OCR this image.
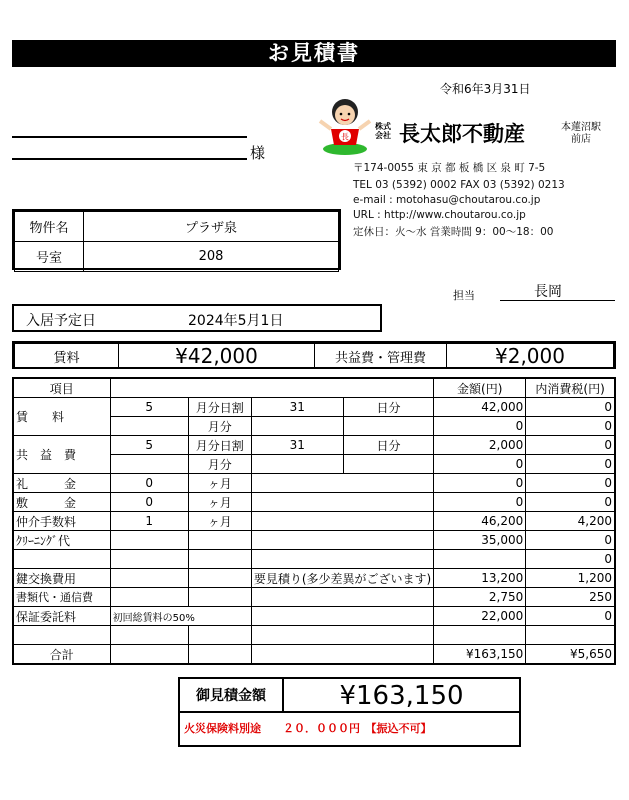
お見積書
令和6年3月31日
様
長
株式
会社 長太郎不動産	本蓮沼駅
前店
〒174-0055 東 京 都 板 橋 区 泉 町 7-5
TEL 03 (5392) 0002 FAX 03 (5392) 0213
e-mail : motohasu@choutarou.co.jp
URL : http://www.choutarou.co.jp
定休日：火～水 営業時間 9：00～18：00
物件名	プラザ泉
号室	208
担当	長岡
入居予定日	2024年5月1日
賃料	¥42,000	共益費・管理費	¥2,000
項目					金額(円)	内消費税(円)
賃　　料	5	月分日割	31	日分	42,000	0
		月分			0	0
共　益　費	5	月分日割	31	日分	2,000	0
		月分			0	0
礼　　　金	0	ヶ月			0	0
敷　　　金	0	ヶ月			0	0
仲介手数料	1	ヶ月			46,200	4,200
ｸﾘｰﾆﾝｸﾞ代					35,000	0
						0
鍵交換費用			要見積り(多少差異がございます)		13,200	1,200
書類代・通信費					2,750	250
保証委託料	初回総賃料の50%				22,000	0

合計					¥163,150	¥5,650
御見積金額	¥163,150
火災保険料別途　　２０．０００円　【振込不可】
